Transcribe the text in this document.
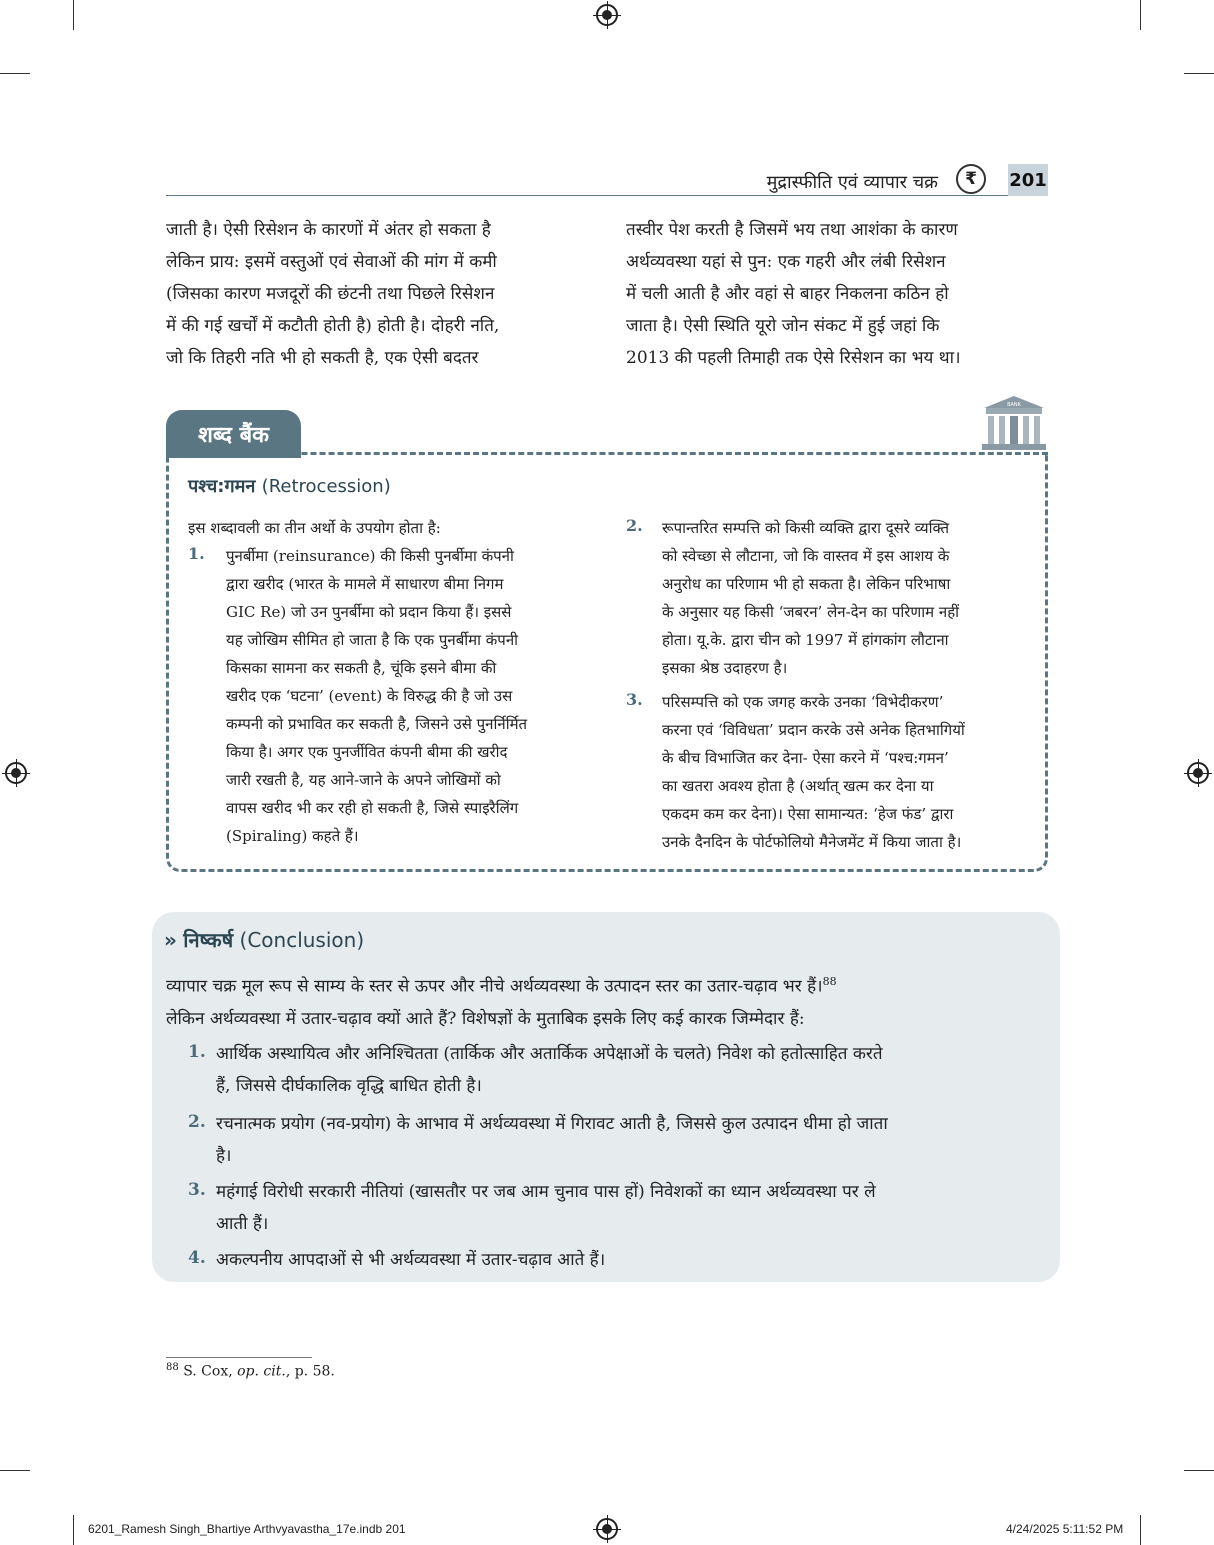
मुद्रास्फीति एवं व्यापार चक्र	₹	201
जाती है। ऐसी रिसेशन के कारणों में अंतर हो सकता है
लेकिन प्राय: इसमें वस्तुओं एवं सेवाओं की मांग में कमी
(जिसका कारण मजदूरों की छंटनी तथा पिछले रिसेशन
में की गई खर्चों में कटौती होती है) होती है। दोहरी नति,
जो कि तिहरी नति भी हो सकती है, एक ऐसी बदतर
तस्वीर पेश करती है जिसमें भय तथा आशंका के कारण
अर्थव्यवस्था यहां से पुन: एक गहरी और लंबी रिसेशन
में चली आती है और वहां से बाहर निकलना कठिन हो
जाता है। ऐसी स्थिति यूरो जोन संकट में हुई जहां कि
2013 की पहली तिमाही तक ऐसे रिसेशन का भय था।
शब्द बैंक
BANK
पश्च:गमन (Retrocession)
इस शब्दावली का तीन अर्थो के उपयोग होता है:
1. पुनर्बीमा (reinsurance) की किसी पुनर्बीमा कंपनी
द्वारा खरीद (भारत के मामले में साधारण बीमा निगम
GIC Re) जो उन पुनर्बीमा को प्रदान किया हैं। इससे
यह जोखिम सीमित हो जाता है कि एक पुनर्बीमा कंपनी
किसका सामना कर सकती है, चूंकि इसने बीमा की
खरीद एक ‘घटना’ (event) के विरुद्ध की है जो उस
कम्पनी को प्रभावित कर सकती है, जिसने उसे पुनर्निर्मित
किया है। अगर एक पुनर्जीवित कंपनी बीमा की खरीद
जारी रखती है, यह आने-जाने के अपने जोखिमों को
वापस खरीद भी कर रही हो सकती है, जिसे स्पाइरैलिंग
(Spiraling) कहते हैं।
2. रूपान्तरित सम्पत्ति को किसी व्यक्ति द्वारा दूसरे व्यक्ति
को स्वेच्छा से लौटाना, जो कि वास्तव में इस आशय के
अनुरोध का परिणाम भी हो सकता है। लेकिन परिभाषा
के अनुसार यह किसी ‘जबरन’ लेन-देन का परिणाम नहीं
होता। यू.के. द्वारा चीन को 1997 में हांगकांग लौटाना
इसका श्रेष्ठ उदाहरण है।
3. परिसम्पत्ति को एक जगह करके उनका ‘विभेदीकरण’
करना एवं ‘विविधता’ प्रदान करके उसे अनेक हितभागियों
के बीच विभाजित कर देना- ऐसा करने में ‘पश्च:गमन’
का खतरा अवश्य होता है (अर्थात् खत्म कर देना या
एकदम कम कर देना)। ऐसा सामान्यत: ‘हेज फंड’ द्वारा
उनके दैनदिन के पोर्टफोलियो मैनेजमेंट में किया जाता है।
» निष्कर्ष (Conclusion)
व्यापार चक्र मूल रूप से साम्य के स्तर से ऊपर और नीचे अर्थव्यवस्था के उत्पादन स्तर का उतार-चढ़ाव भर हैं।$^{88}$
लेकिन अर्थव्यवस्था में उतार-चढ़ाव क्यों आते हैं? विशेषज्ञों के मुताबिक इसके लिए कई कारक जिम्मेदार हैं:
1. आर्थिक अस्थायित्व और अनिश्चितता (तार्किक और अतार्किक अपेक्षाओं के चलते) निवेश को हतोत्साहित करते
हैं, जिससे दीर्घकालिक वृद्धि बाधित होती है।
2. रचनात्मक प्रयोग (नव-प्रयोग) के आभाव में अर्थव्यवस्था में गिरावट आती है, जिससे कुल उत्पादन धीमा हो जाता
है।
3. महंगाई विरोधी सरकारी नीतियां (खासतौर पर जब आम चुनाव पास हों) निवेशकों का ध्यान अर्थव्यवस्था पर ले
आती हैं।
4. अकल्पनीय आपदाओं से भी अर्थव्यवस्था में उतार-चढ़ाव आते हैं।
$^{88}$ S. Cox, op. cit., p. 58.
6201_Ramesh Singh_Bhartiye Arthvyavastha_17e.indb 201	4/24/2025 5:11:52 PM
